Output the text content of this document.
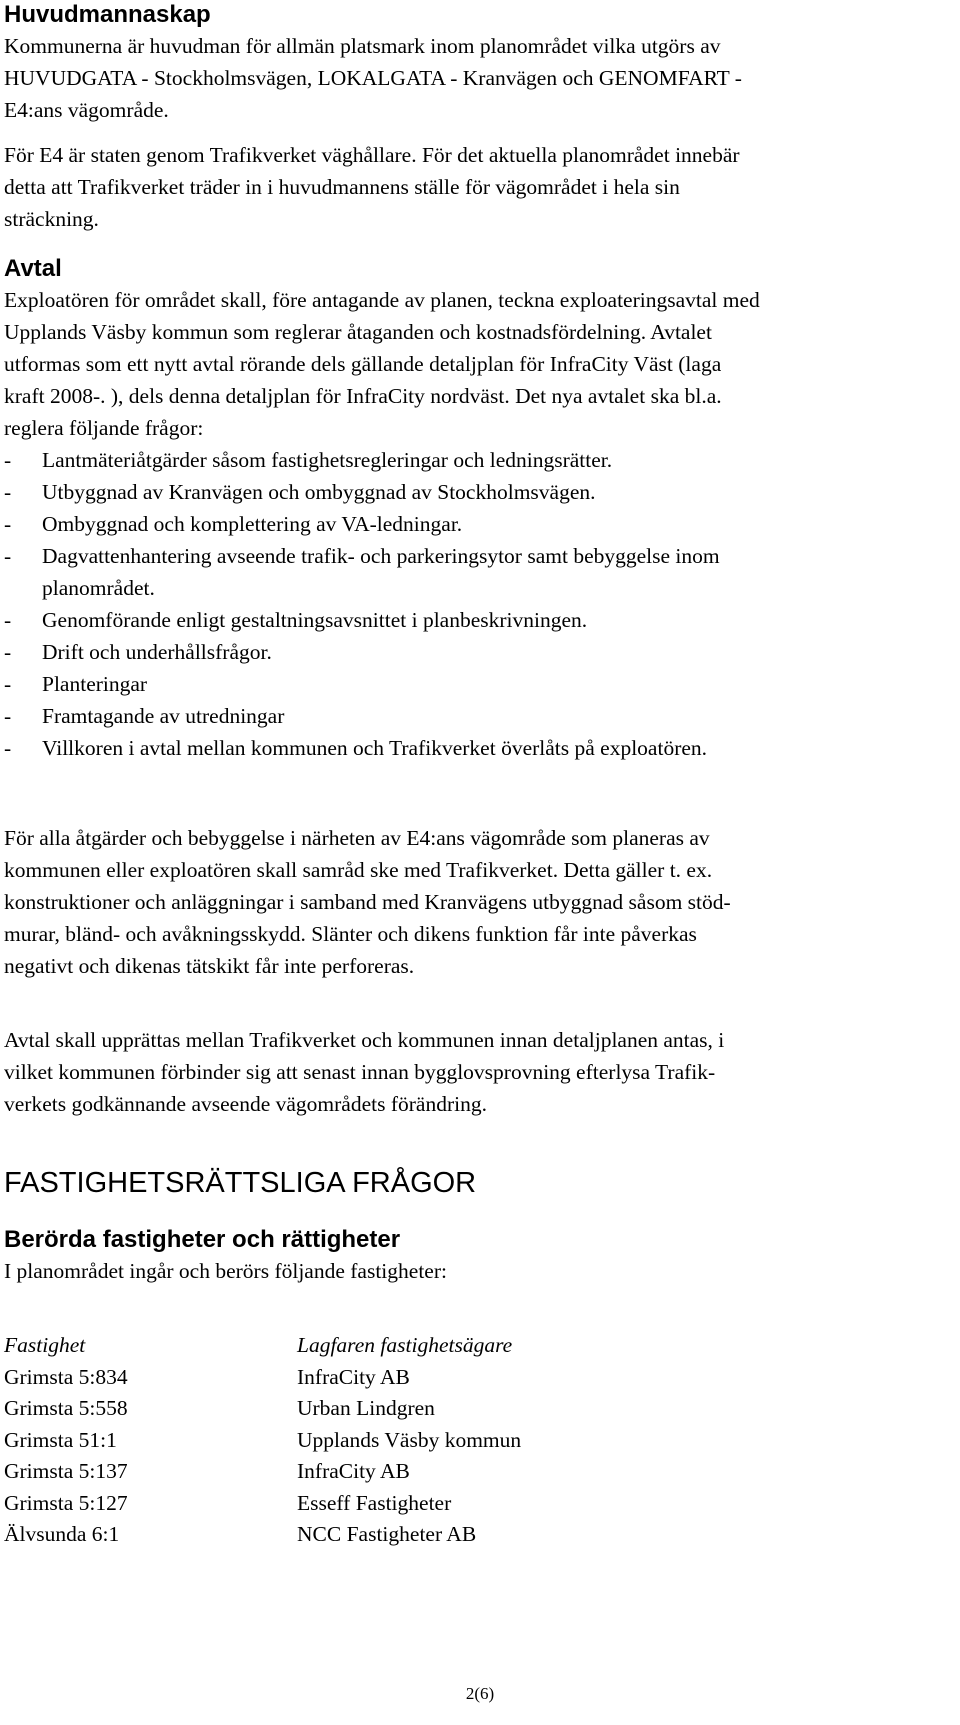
Huvudmannaskap

Kommunerna är huvudman för allmän platsmark inom planområdet vilka utgörs av
HUVUDGATA - Stockholmsvägen, LOKALGATA - Kranvägen och GENOMFART -
E4:ans vägområde.

För E4 är staten genom Trafikverket väghållare. För det aktuella planområdet innebär
detta att Trafikverket träder in i huvudmannens ställe för vägområdet i hela sin
sträckning.

Avtal

Exploatören för området skall, före antagande av planen, teckna exploateringsavtal med
Upplands Väsby kommun som reglerar åtaganden och kostnadsfördelning. Avtalet
utformas som ett nytt avtal rörande dels gällande detaljplan för InfraCity Väst (laga
kraft 2008-. ), dels denna detaljplan för InfraCity nordväst. Det nya avtalet ska bl.a.
reglera följande frågor:

- Lantmäteriåtgärder såsom fastighetsregleringar och ledningsrätter.
- Utbyggnad av Kranvägen och ombyggnad av Stockholmsvägen.
- Ombyggnad och komplettering av VA-ledningar.
- Dagvattenhantering avseende trafik- och parkeringsytor samt bebyggelse inom
planområdet.
- Genomförande enligt gestaltningsavsnittet i planbeskrivningen.
- Drift och underhållsfrågor.
- Planteringar
- Framtagande av utredningar
- Villkoren i avtal mellan kommunen och Trafikverket överlåts på exploatören.

För alla åtgärder och bebyggelse i närheten av E4:ans vägområde som planeras av
kommunen eller exploatören skall samråd ske med Trafikverket. Detta gäller t. ex.
konstruktioner och anläggningar i samband med Kranvägens utbyggnad såsom stöd-
murar, bländ- och avåkningsskydd. Slänter och dikens funktion får inte påverkas
negativt och dikenas tätskikt får inte perforeras.

Avtal skall upprättas mellan Trafikverket och kommunen innan detaljplanen antas, i
vilket kommunen förbinder sig att senast innan bygglovsprovning efterlysa Trafik-
verkets godkännande avseende vägområdets förändring.

FASTIGHETSRÄTTSLIGA FRÅGOR
Berörda fastigheter och rättigheter

I planområdet ingår och berörs följande fastigheter:

Fastighet	Lagfaren fastighetsägare
Grimsta 5:834	InfraCity AB
Grimsta 5:558	Urban Lindgren
Grimsta 51:1	Upplands Väsby kommun
Grimsta 5:137	InfraCity AB
Grimsta 5:127	Esseff Fastigheter
Älvsunda 6:1	NCC Fastigheter AB
2(6)
